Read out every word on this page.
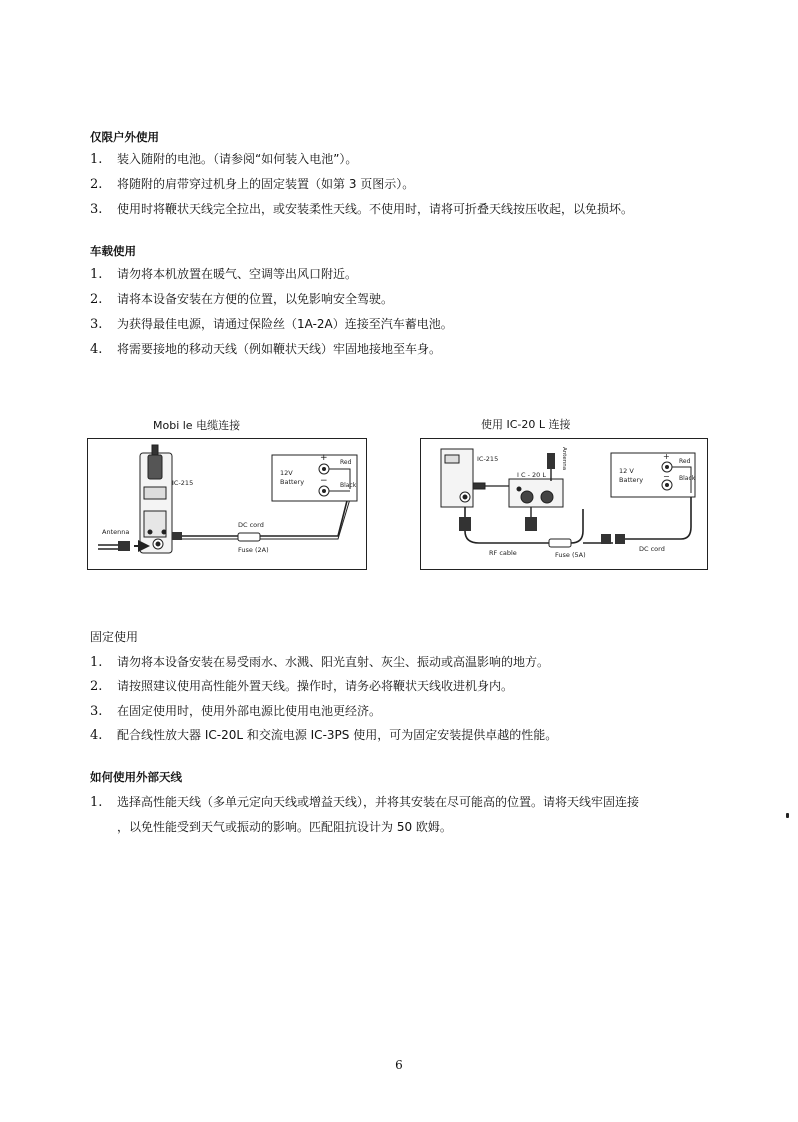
仅限户外使用
1. 装入随附的电池。（请参阅“如何装入电池”）。
2. 将随附的肩带穿过机身上的固定装置（如第 3 页图示）。
3. 使用时将鞭状天线完全拉出，或安装柔性天线。不使用时，请将可折叠天线按压收起，以免损坏。
车载使用
1. 请勿将本机放置在暖气、空调等出风口附近。
2. 请将本设备安装在方便的位置，以免影响安全驾驶。
3. 为获得最佳电源，请通过保险丝（1A-2A）连接至汽车蓄电池。
4. 将需要接地的移动天线（例如鞭状天线）牢固地接地至车身。
Mobi le 电缆连接	使用 IC-20 L 连接
IC-215
12V
Battery
+
−
Red
Black
DC cord
Fuse (2A)
Antenna
IC-215
I C - 20 L
Antenna
12 V
Battery
+
−
Red
Black
RF cable	Fuse (5A)
DC cord
固定使用
1. 请勿将本设备安装在易受雨水、水溅、阳光直射、灰尘、振动或高温影响的地方。
2. 请按照建议使用高性能外置天线。操作时，请务必将鞭状天线收进机身内。
3. 在固定使用时，使用外部电源比使用电池更经济。
4. 配合线性放大器 IC-20L 和交流电源 IC-3PS 使用，可为固定安装提供卓越的性能。
如何使用外部天线
1. 选择高性能天线（多单元定向天线或增益天线），并将其安装在尽可能高的位置。请将天线牢固连接
，以免性能受到天气或振动的影响。匹配阻抗设计为 50 欧姆。
6
